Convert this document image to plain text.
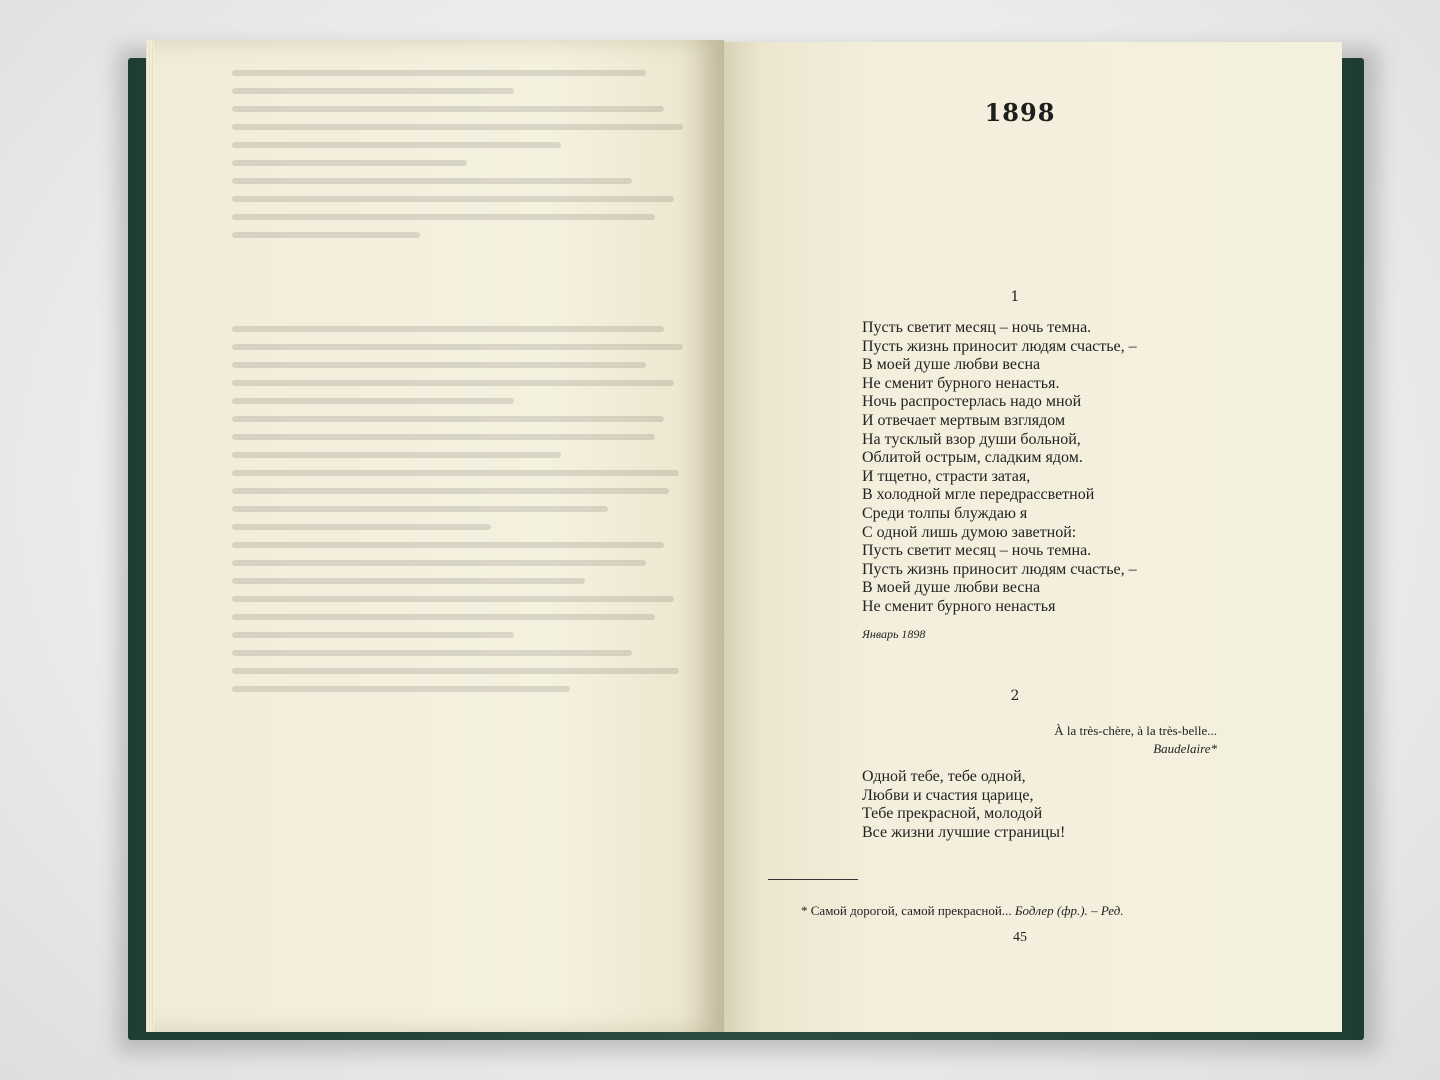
1898
1
Пусть светит месяц – ночь темна.
Пусть жизнь приносит людям счастье, –
В моей душе любви весна
Не сменит бурного ненастья.
Ночь распростерлась надо мной
И отвечает мертвым взглядом
На тусклый взор души больной,
Облитой острым, сладким ядом.
И тщетно, страсти затая,
В холодной мгле передрассветной
Среди толпы блуждаю я
С одной лишь думою заветной:
Пусть светит месяц – ночь темна.
Пусть жизнь приносит людям счастье, –
В моей душе любви весна
Не сменит бурного ненастья
Январь 1898
2
À la très-chère, à la très-belle...
Baudelaire*
Одной тебе, тебе одной,
Любви и счастия царице,
Тебе прекрасной, молодой
Все жизни лучшие страницы!
* Самой дорогой, самой прекрасной... Бодлер (фр.). – Ред.
45
